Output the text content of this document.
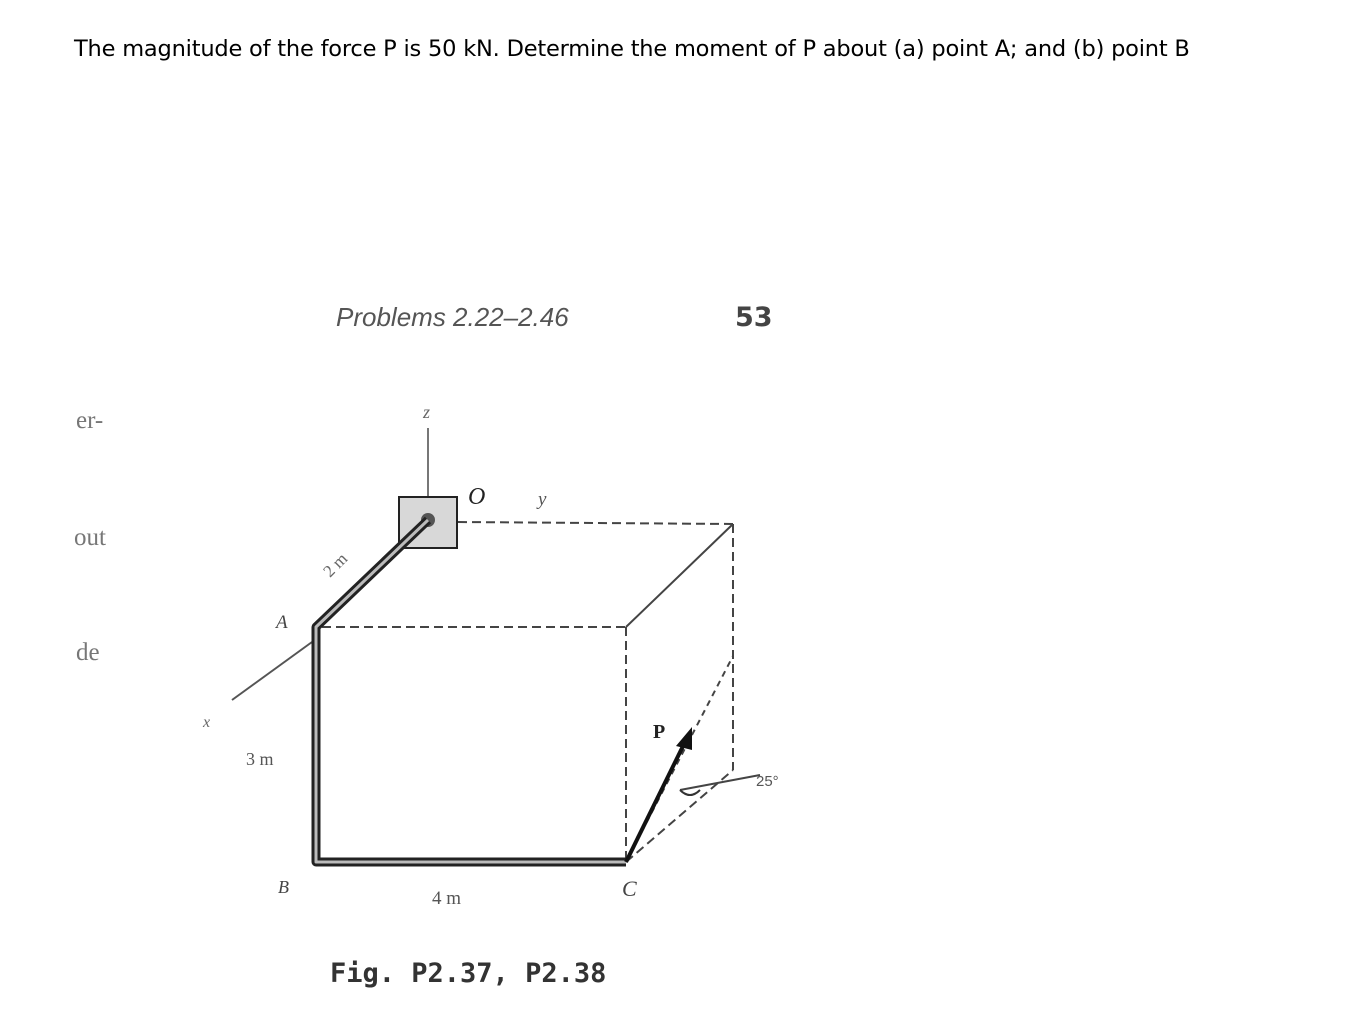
The magnitude of the force P is 50 kN. Determine the moment of P about (a) point A; and (b) point B
Problems 2.22–2.46	53
er-
out
de
z
y
x
O
A
B	C
2 m
3 m
4 m
P
25°
Fig. P2.37, P2.38
